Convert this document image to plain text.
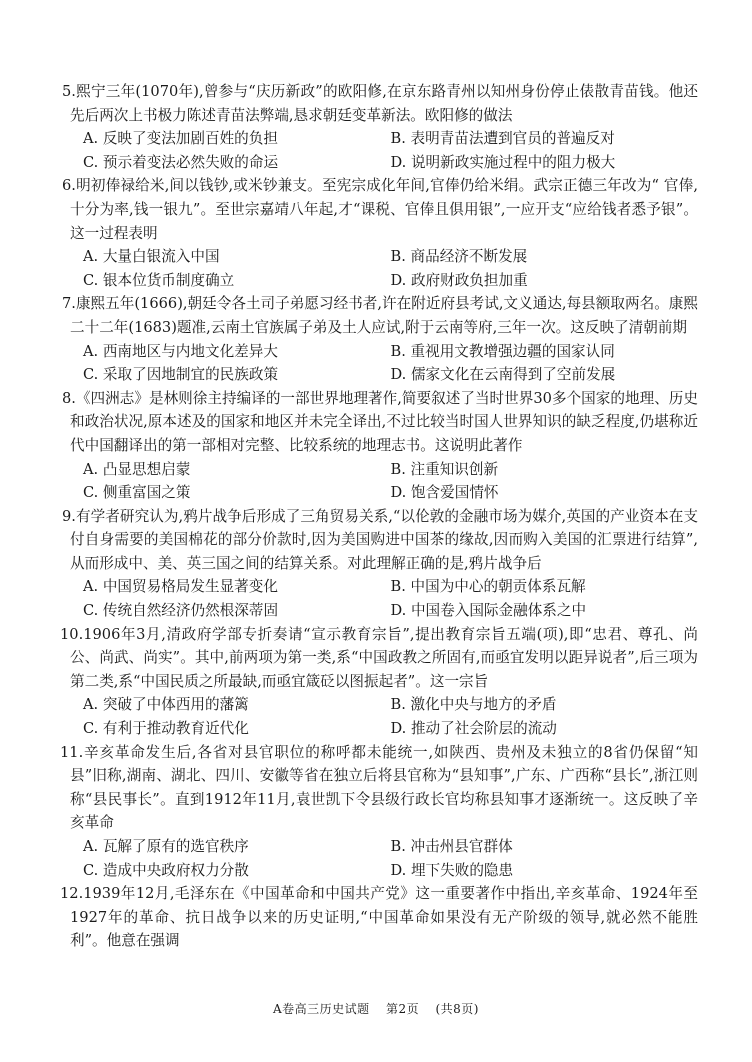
5.熙宁三年(1070年),曾参与“庆历新政”的欧阳修,在京东路青州以知州身份停止俵散青苗钱。他还先后两次上书极力陈述青苗法弊端,恳求朝廷变革新法。欧阳修的做法
A. 反映了变法加剧百姓的负担	B. 表明青苗法遭到官员的普遍反对
C. 预示着变法必然失败的命运	D. 说明新政实施过程中的阻力极大
6.明初俸禄给米,间以钱钞,或米钞兼支。至宪宗成化年间,官俸仍给米绢。武宗正德三年改为“ 官俸,十分为率,钱一银九”。至世宗嘉靖八年起,才“课税、官俸且俱用银”,一应开支“应给钱者悉予银”。这一过程表明
A. 大量白银流入中国	B. 商品经济不断发展
C. 银本位货币制度确立	D. 政府财政负担加重
7.康熙五年(1666),朝廷令各土司子弟愿习经书者,许在附近府县考试,文义通达,每县额取两名。康熙二十二年(1683)题准,云南土官族属子弟及土人应试,附于云南等府,三年一次。这反映了清朝前期
A. 西南地区与内地文化差异大	B. 重视用文教增强边疆的国家认同
C. 采取了因地制宜的民族政策	D. 儒家文化在云南得到了空前发展
8.《四洲志》是林则徐主持编译的一部世界地理著作,简要叙述了当时世界30多个国家的地理、历史和政治状况,原本述及的国家和地区并未完全译出,不过比较当时国人世界知识的缺乏程度,仍堪称近代中国翻译出的第一部相对完整、比较系统的地理志书。这说明此著作
A. 凸显思想启蒙	B. 注重知识创新
C. 侧重富国之策	D. 饱含爱国情怀
9.有学者研究认为,鸦片战争后形成了三角贸易关系,“以伦敦的金融市场为媒介,英国的产业资本在支付自身需要的美国棉花的部分价款时,因为美国购进中国茶的缘故,因而购入美国的汇票进行结算”,从而形成中、美、英三国之间的结算关系。对此理解正确的是,鸦片战争后
A. 中国贸易格局发生显著变化	B. 中国为中心的朝贡体系瓦解
C. 传统自然经济仍然根深蒂固	D. 中国卷入国际金融体系之中
10.1906年3月,清政府学部专折奏请“宣示教育宗旨”,提出教育宗旨五端(项),即“忠君、尊孔、尚公、尚武、尚实”。其中,前两项为第一类,系“中国政教之所固有,而亟宜发明以距异说者”,后三项为第二类,系“中国民质之所最缺,而亟宜箴砭以图振起者”。这一宗旨
A. 突破了中体西用的藩篱	B. 激化中央与地方的矛盾
C. 有利于推动教育近代化	D. 推动了社会阶层的流动
11.辛亥革命发生后,各省对县官职位的称呼都未能统一,如陕西、贵州及未独立的8省仍保留“知县”旧称,湖南、湖北、四川、安徽等省在独立后将县官称为“县知事”,广东、广西称“县长”,浙江则称“县民事长”。直到1912年11月,袁世凯下令县级行政长官均称县知事才逐渐统一。这反映了辛亥革命
A. 瓦解了原有的选官秩序	B. 冲击州县官群体
C. 造成中央政府权力分散	D. 埋下失败的隐患
12.1939年12月,毛泽东在《中国革命和中国共产党》这一重要著作中指出,辛亥革命、1924年至1927年的革命、抗日战争以来的历史证明,“中国革命如果没有无产阶级的领导,就必然不能胜利”。他意在强调
A卷高三历史试题 第2页 (共8页)
